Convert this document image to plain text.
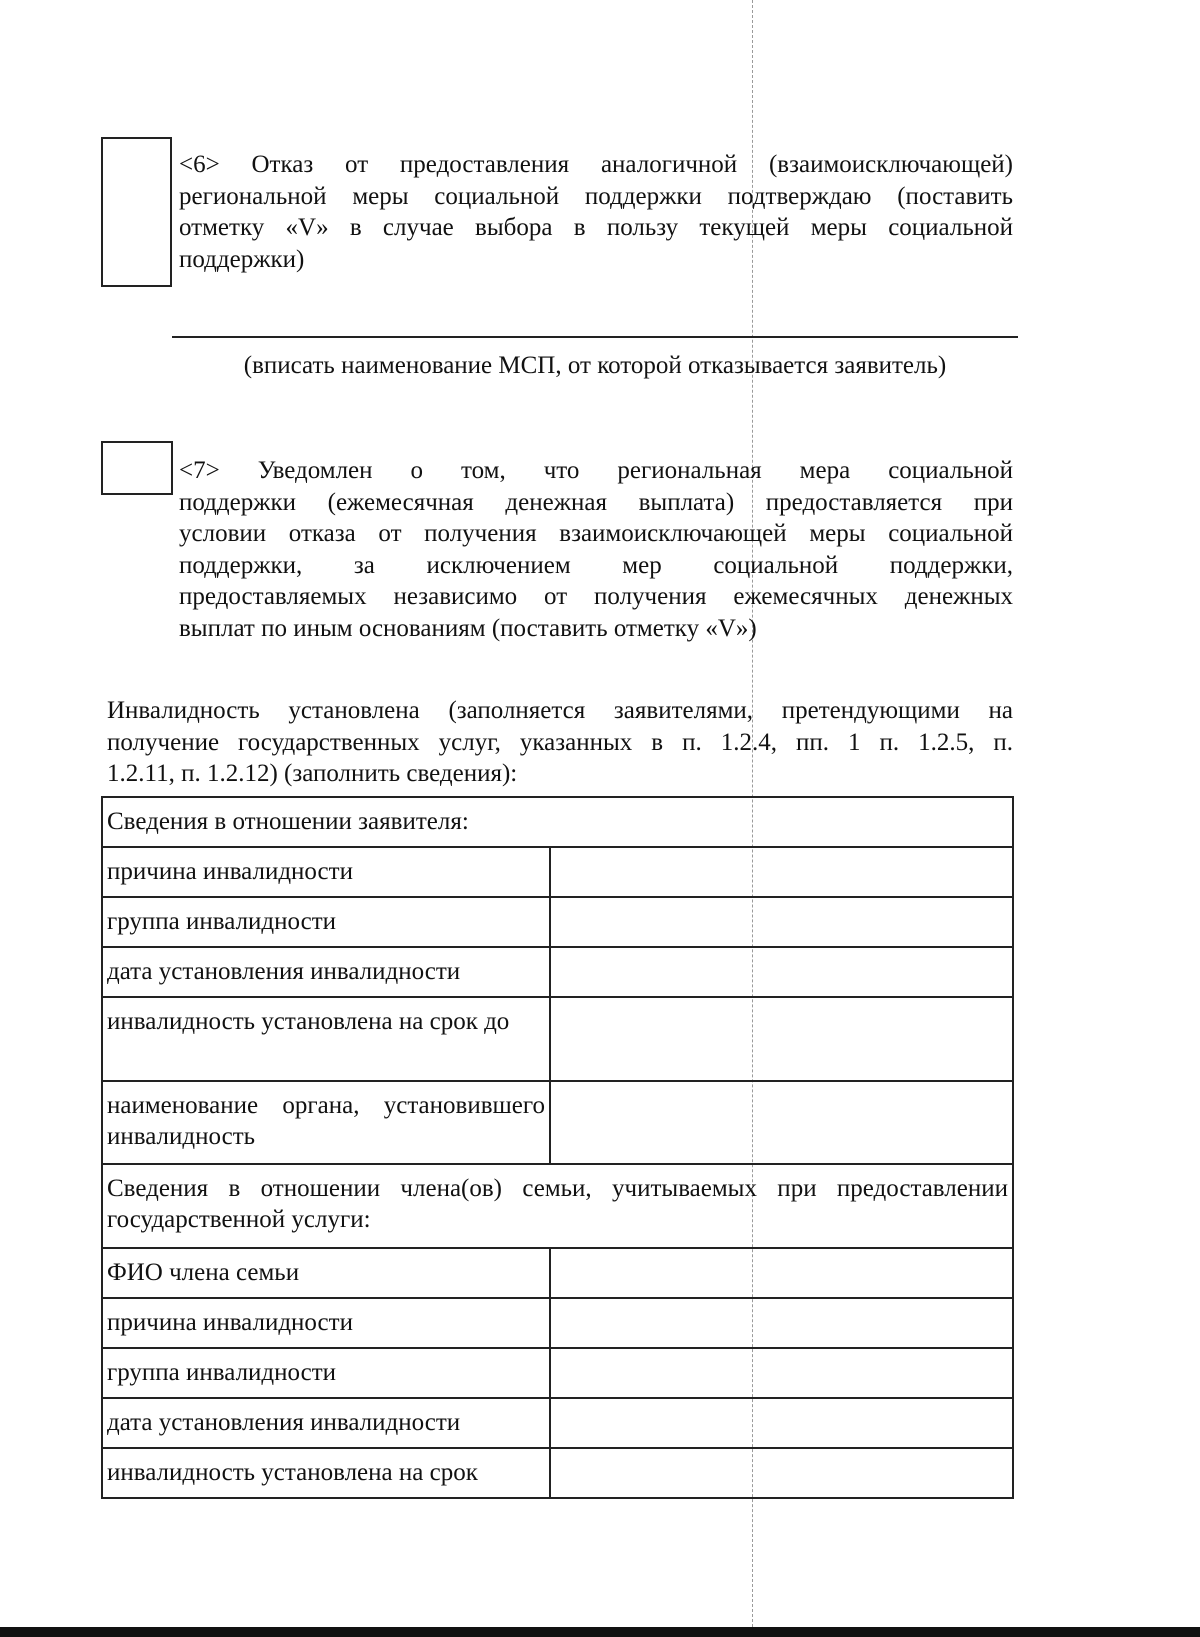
<6> Отказ от предоставления аналогичной (взаимоисключающей)
региональной меры социальной поддержки подтверждаю (поставить
отметку «V» в случае выбора в пользу текущей меры социальной
поддержки)
(вписать наименование МСП, от которой отказывается заявитель)
<7> Уведомлен о том, что региональная мера социальной
поддержки (ежемесячная денежная выплата) предоставляется при
условии отказа от получения взаимоисключающей меры социальной
поддержки, за исключением мер социальной поддержки,
предоставляемых независимо от получения ежемесячных денежных
выплат по иным основаниям (поставить отметку «V»)
Инвалидность установлена (заполняется заявителями, претендующими на
получение государственных услуг, указанных в п. 1.2.4, пп. 1 п. 1.2.5, п.
1.2.11, п. 1.2.12) (заполнить сведения):
Сведения в отношении заявителя:	
причина инвалидности	
группа инвалидности	
дата установления инвалидности	
инвалидность установлена на срок до	
наименование органа, установившего инвалидность	
Сведения в отношении члена(ов) семьи, учитываемых при предоставлении государственной услуги:	
ФИО члена семьи	
причина инвалидности	
группа инвалидности	
дата установления инвалидности	
инвалидность установлена на срок	
